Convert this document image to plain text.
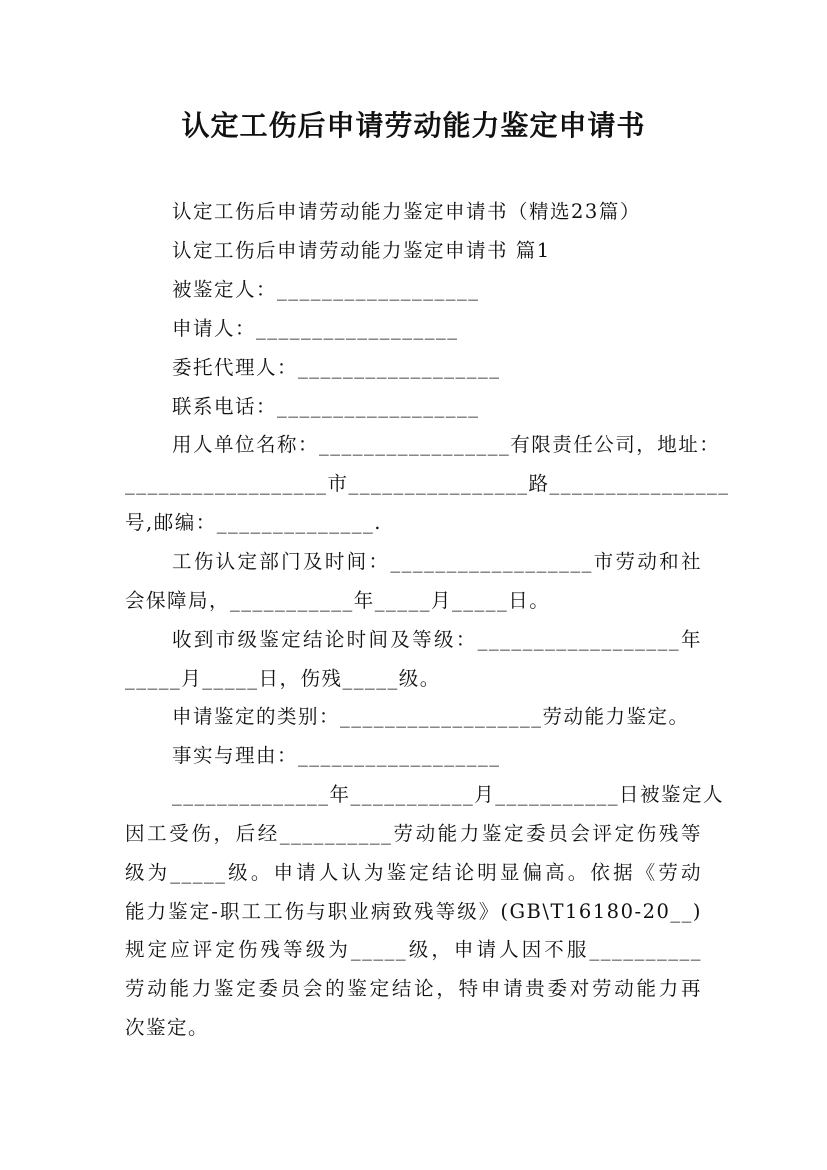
认定工伤后申请劳动能力鉴定申请书
认定工伤后申请劳动能力鉴定申请书（精选23篇）
认定工伤后申请劳动能力鉴定申请书 篇1
被鉴定人：__________________
申请人：__________________
委托代理人：__________________
联系电话：__________________
用人单位名称：_________________有限责任公司，地址：
__________________市________________路________________
号,邮编：______________.
工伤认定部门及时间：__________________市劳动和社
会保障局，___________年_____月_____日。
收到市级鉴定结论时间及等级：__________________年
_____月_____日，伤残_____级。
申请鉴定的类别：__________________劳动能力鉴定。
事实与理由：__________________
______________年___________月___________日被鉴定人
因工受伤，后经__________劳动能力鉴定委员会评定伤残等
级为_____级。申请人认为鉴定结论明显偏高。依据《劳动
能力鉴定-职工工伤与职业病致残等级》(GB\T16180-20__)
规定应评定伤残等级为_____级，申请人因不服__________
劳动能力鉴定委员会的鉴定结论，特申请贵委对劳动能力再
次鉴定。
